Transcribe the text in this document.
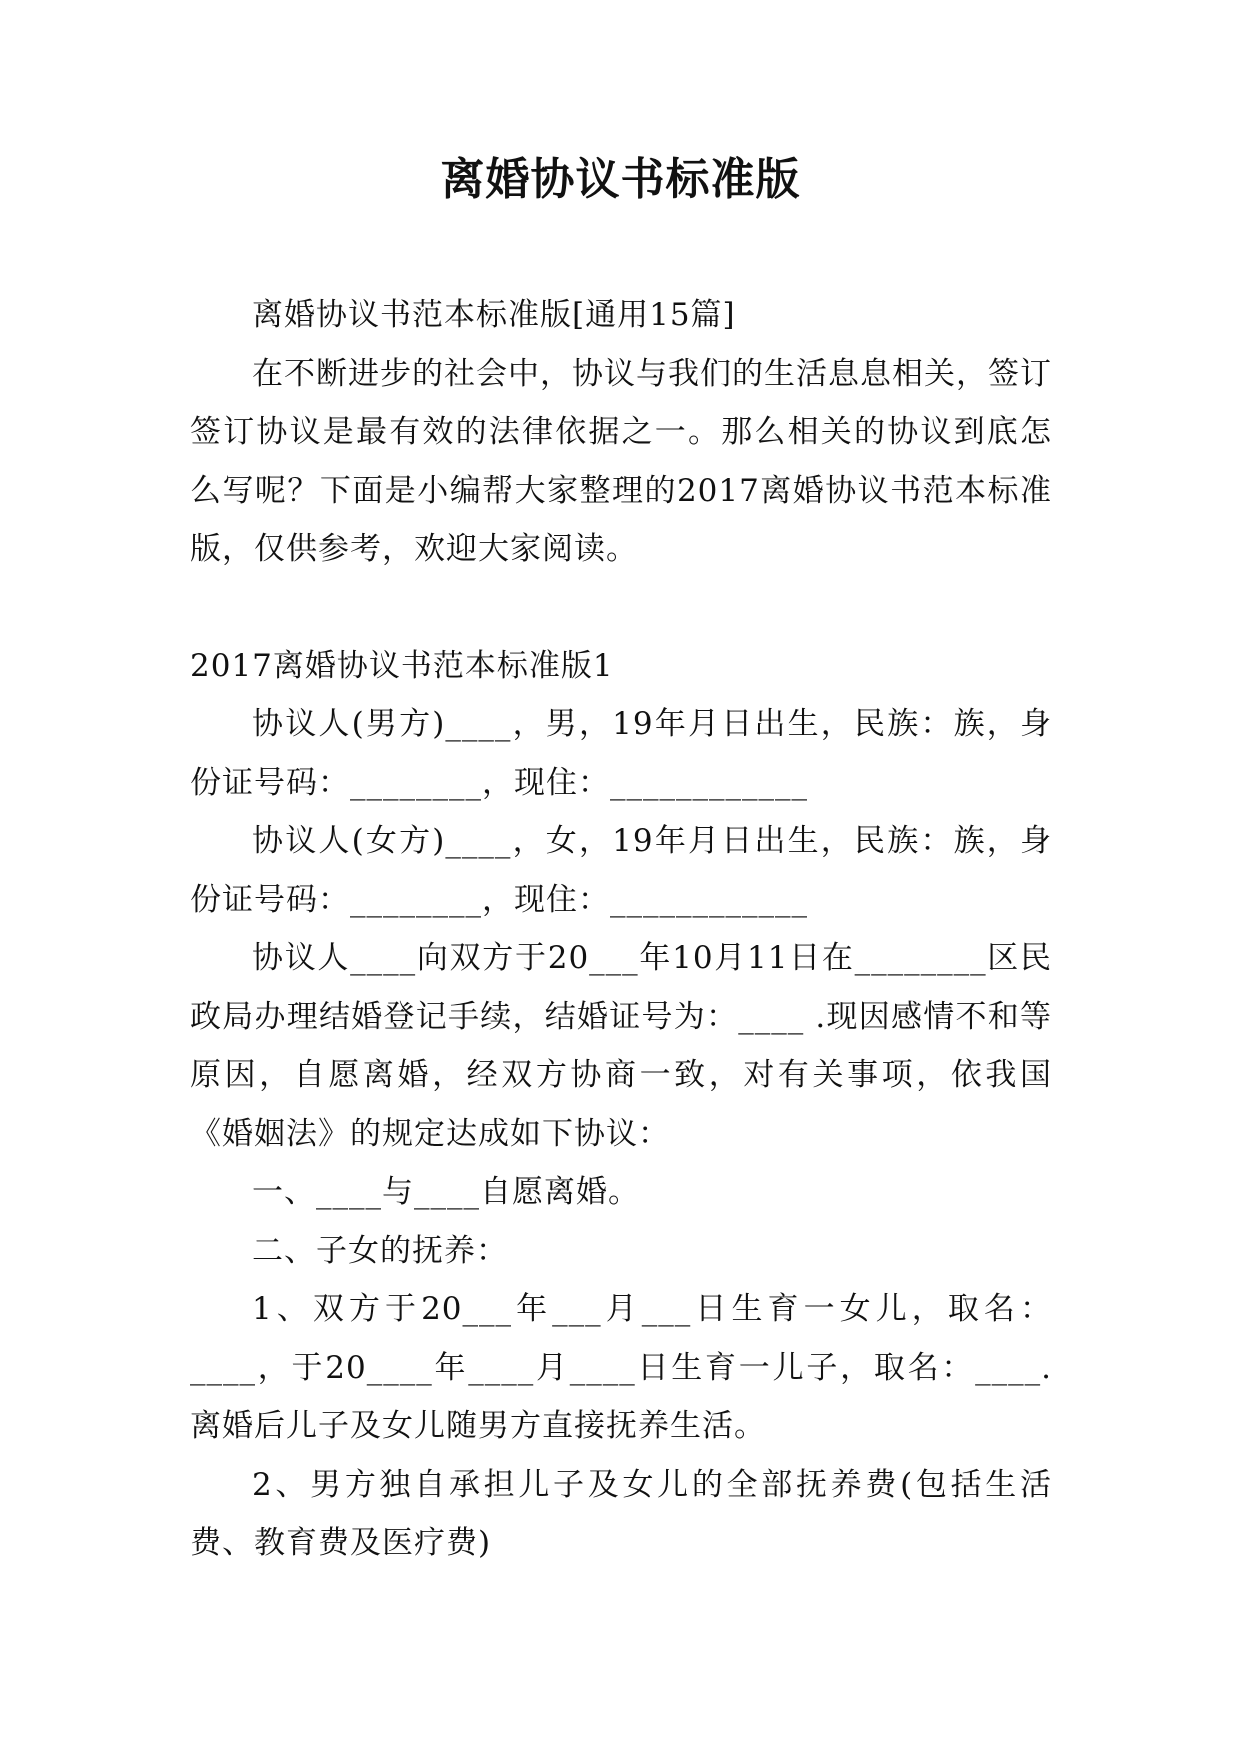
离婚协议书标准版

离婚协议书范本标准版[通用15篇]

在不断进步的社会中，协议与我们的生活息息相关，签订签订协议是最有效的法律依据之一。那么相关的协议到底怎么写呢？下面是小编帮大家整理的2017离婚协议书范本标准版，仅供参考，欢迎大家阅读。

2017离婚协议书范本标准版1

协议人(男方)____，男，19年月日出生，民族：族，身份证号码：________，现住：____________

协议人(女方)____，女，19年月日出生，民族：族，身份证号码：________，现住：____________

协议人____向双方于20___年10月11日在________区民政局办理结婚登记手续，结婚证号为：____ .现因感情不和等原因，自愿离婚，经双方协商一致，对有关事项，依我国《婚姻法》的规定达成如下协议：

一、____与____自愿离婚。

二、子女的抚养：

1、双方于20___年___月___日生育一女儿，取名：____，于20____年____月____日生育一儿子，取名：____.离婚后儿子及女儿随男方直接抚养生活。

2、男方独自承担儿子及女儿的全部抚养费(包括生活费、教育费及医疗费)
